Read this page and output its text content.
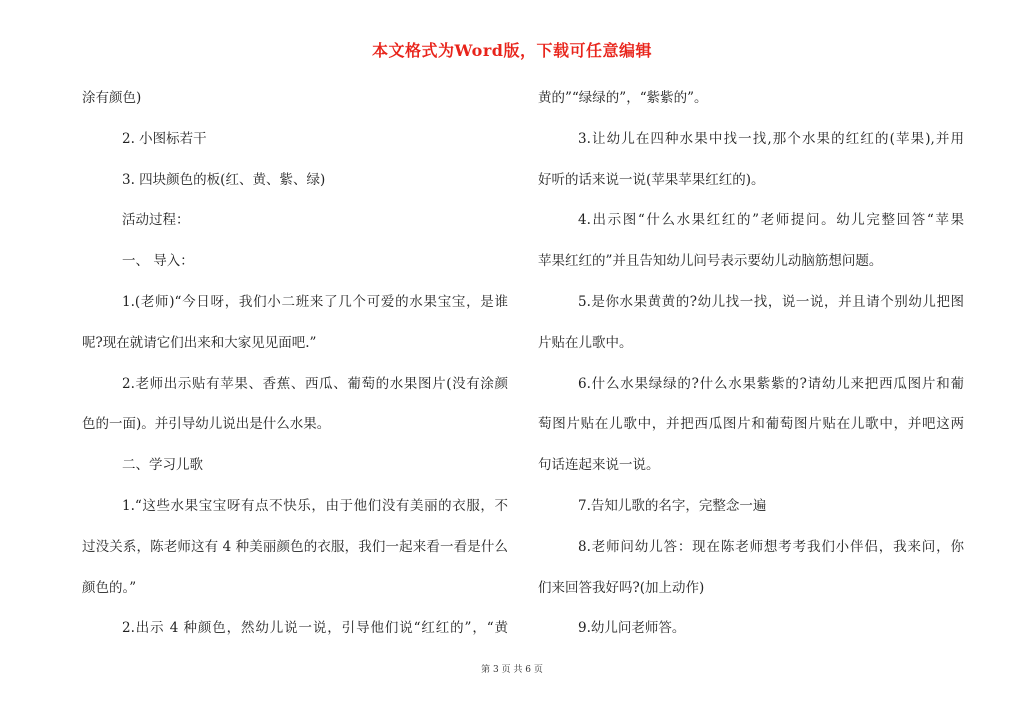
本文格式为Word版，下载可任意编辑
涂有颜色)
2. 小图标若干
3. 四块颜色的板(红、黄、紫、绿)
活动过程：
一、 导入：
1.(老师)“今日呀，我们小二班来了几个可爱的水果宝宝，是谁
呢?现在就请它们出来和大家见见面吧.”
2.老师出示贴有苹果、香蕉、西瓜、葡萄的水果图片(没有涂颜
色的一面)。并引导幼儿说出是什么水果。
二、学习儿歌
1.“这些水果宝宝呀有点不快乐，由于他们没有美丽的衣服，不
过没关系，陈老师这有 4 种美丽颜色的衣服，我们一起来看一看是什么
颜色的。”
2.出示 4 种颜色，然幼儿说一说，引导他们说“红红的”，“黄
黄的”“绿绿的”，“紫紫的”。
3.让幼儿在四种水果中找一找,那个水果的红红的(苹果),并用
好听的话来说一说(苹果苹果红红的)。
4.出示图“什么水果红红的”老师提问。幼儿完整回答“苹果
苹果红红的”并且告知幼儿问号表示要幼儿动脑筋想问题。
5.是你水果黄黄的?幼儿找一找，说一说，并且请个别幼儿把图
片贴在儿歌中。
6.什么水果绿绿的?什么水果紫紫的?请幼儿来把西瓜图片和葡
萄图片贴在儿歌中，并把西瓜图片和葡萄图片贴在儿歌中，并吧这两
句话连起来说一说。
7.告知儿歌的名字，完整念一遍
8.老师问幼儿答：现在陈老师想考考我们小伴侣，我来问，你
们来回答我好吗?(加上动作)
9.幼儿问老师答。
第 3 页 共 6 页
